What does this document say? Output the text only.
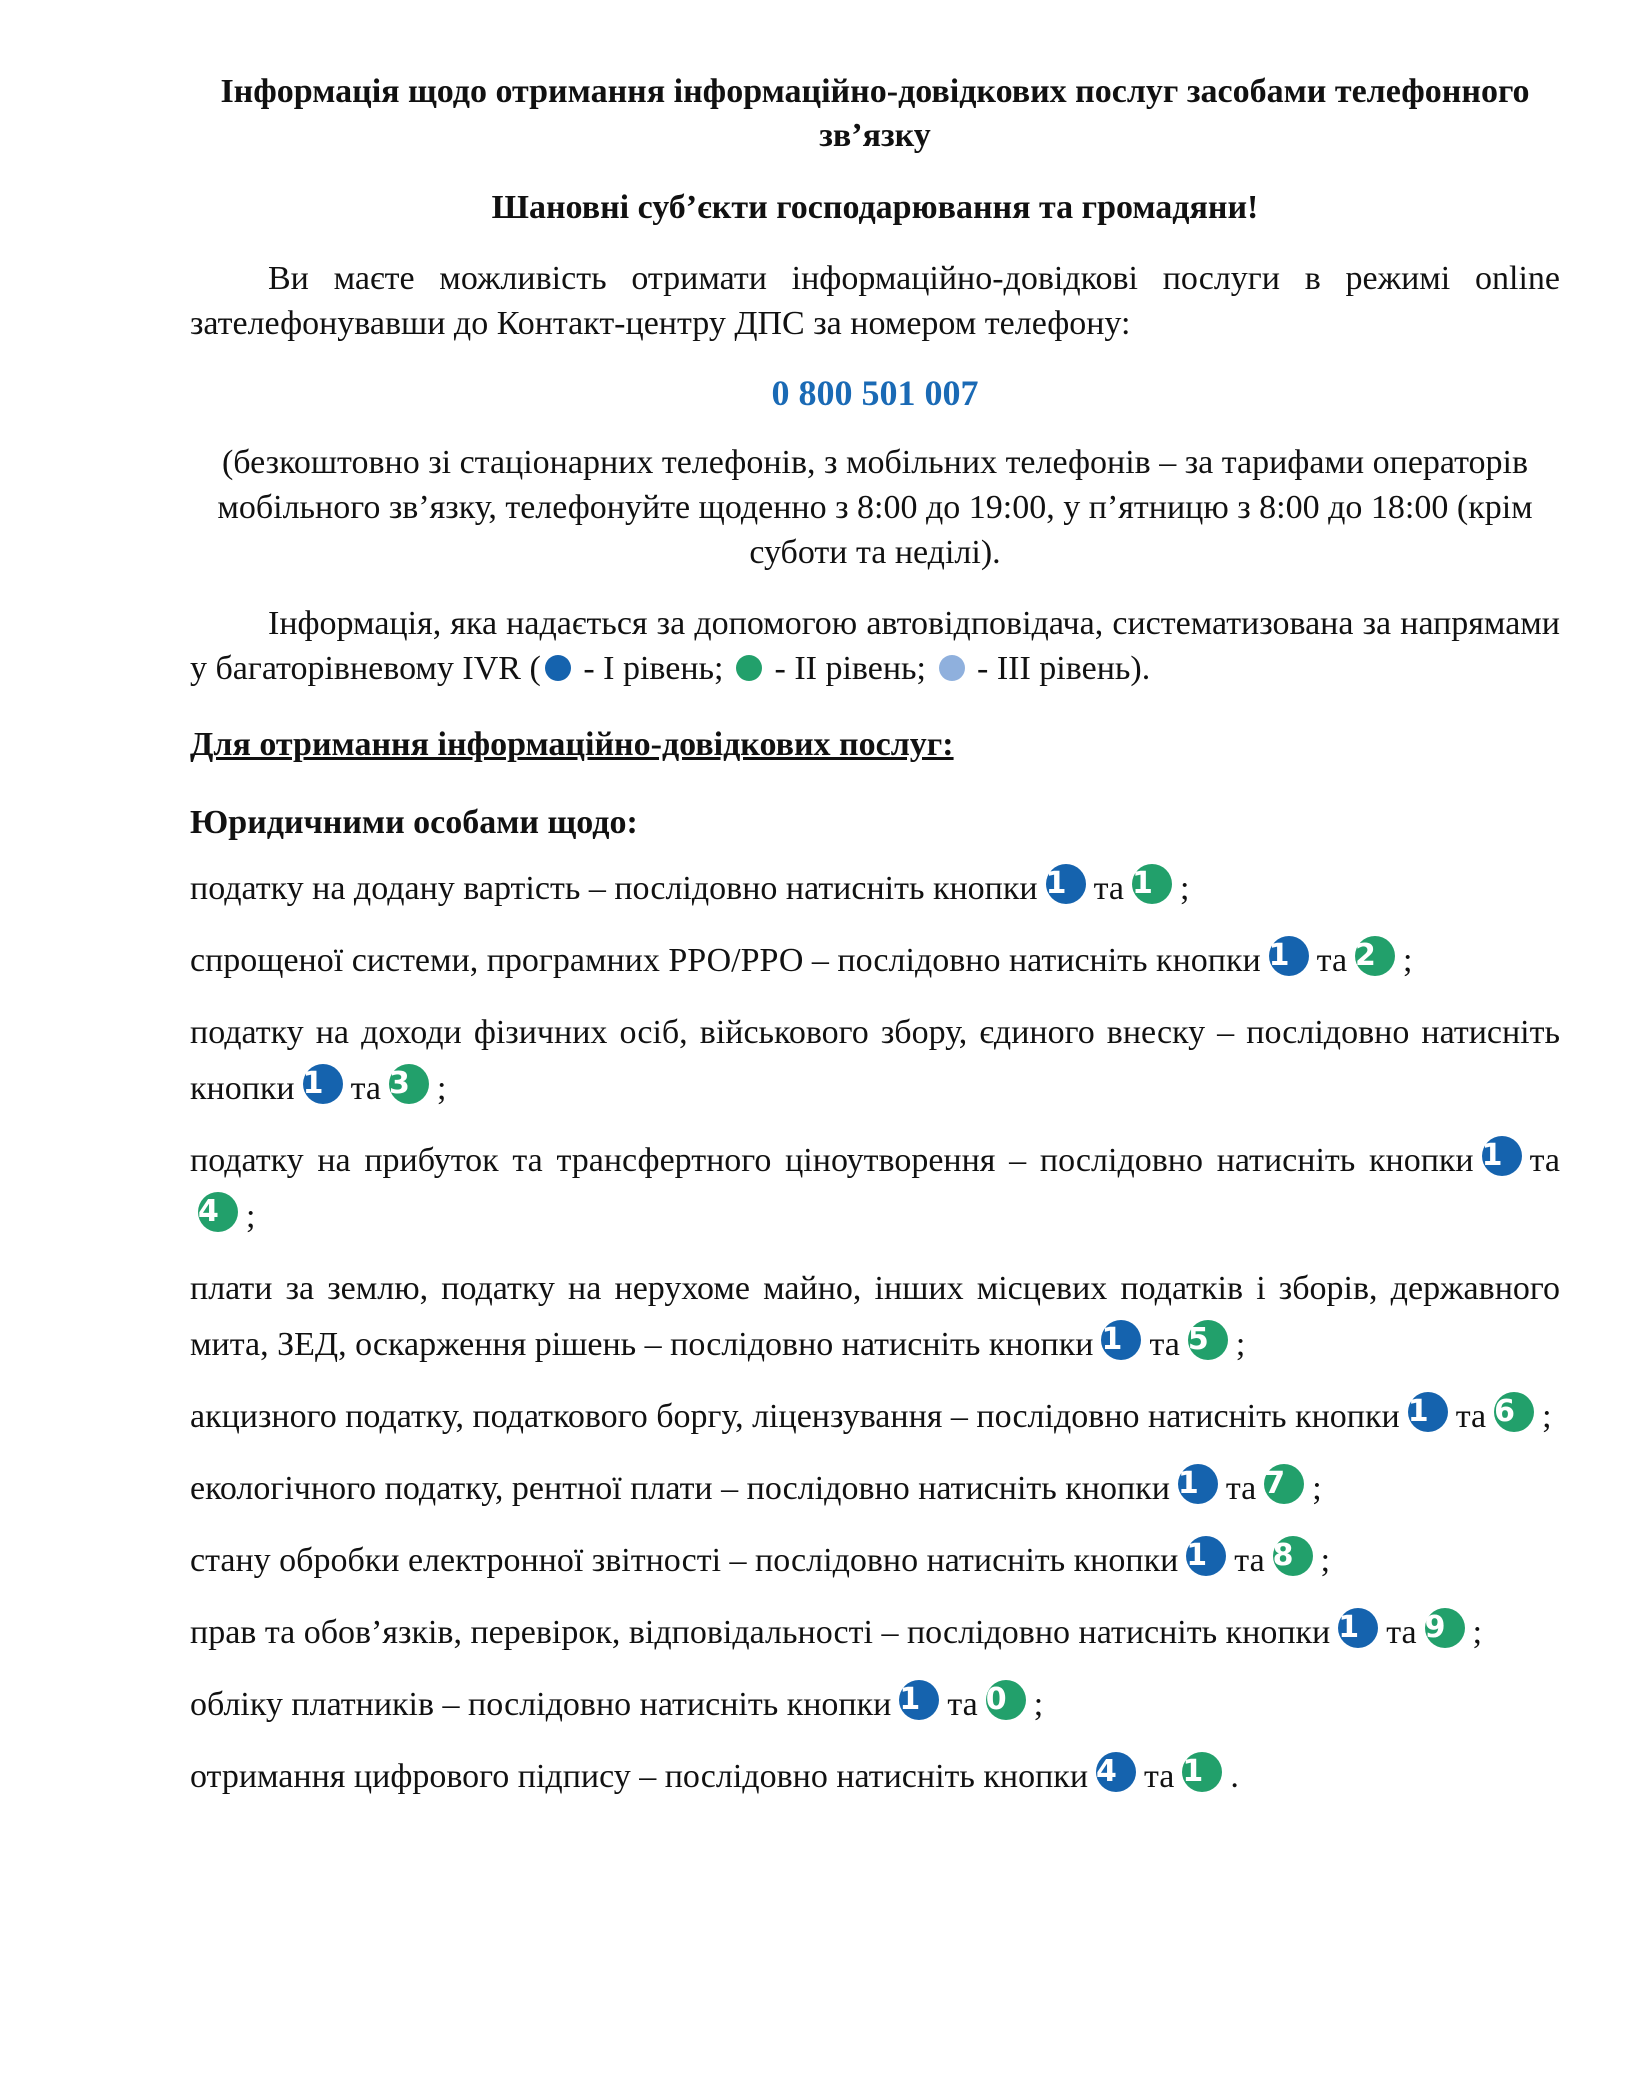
Інформація щодо отримання інформаційно-довідкових послуг засобами телефонного зв’язку

Шановні суб’єкти господарювання та громадяни!

Ви маєте можливість отримати інформаційно-довідкові послуги в режимі online зателефонувавши до Контакт-центру ДПС за номером телефону:

0 800 501 007

(безкоштовно зі стаціонарних телефонів, з мобільних телефонів – за тарифами операторів мобільного зв’язку, телефонуйте щоденно з 8:00 до 19:00, у п’ятницю з 8:00 до 18:00 (крім суботи та неділі).

Інформація, яка надається за допомогою автовідповідача, систематизована за напрямами у багаторівневому IVR ( - І рівень;  - ІІ рівень;  - ІІІ рівень).

Для отримання інформаційно-довідкових послуг:

Юридичними особами щодо:

податку на додану вартість – послідовно натисніть кнопки 1 та 1 ;

спрощеної системи, програмних РРО/РРО – послідовно натисніть кнопки 1 та 2 ;

податку на доходи фізичних осіб, військового збору, єдиного внеску – послідовно натисніть кнопки 1 та 3 ;

податку на прибуток та трансфертного ціноутворення – послідовно натисніть кнопки 1 та4 ;

плати за землю, податку на нерухоме майно, інших місцевих податків і зборів, державного мита, ЗЕД, оскарження рішень – послідовно натисніть кнопки 1 та 5 ;

акцизного податку, податкового боргу, ліцензування – послідовно натисніть кнопки 1 та 6 ;

екологічного податку, рентної плати – послідовно натисніть кнопки 1 та 7 ;

стану обробки електронної звітності – послідовно натисніть кнопки 1 та 8 ;

прав та обов’язків, перевірок, відповідальності – послідовно натисніть кнопки 1 та 9 ;

обліку платників – послідовно натисніть кнопки 1 та 0 ;

отримання цифрового підпису – послідовно натисніть кнопки 4 та 1 .
